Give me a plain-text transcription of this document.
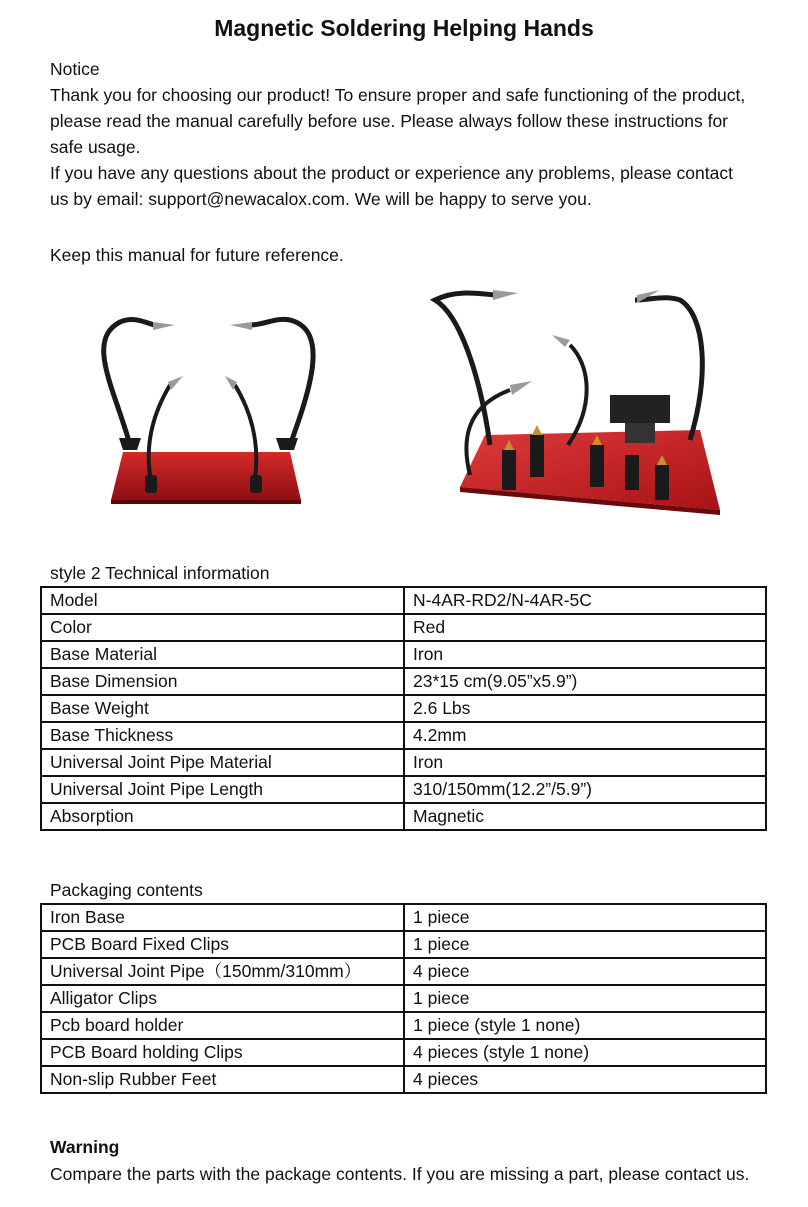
Magnetic Soldering Helping Hands
Notice
Thank you for choosing our product! To ensure proper and safe functioning of the product,
please read the manual carefully before use. Please always follow these instructions for
safe usage.
If you have any questions about the product or experience any problems, please contact
us by email: support@newacalox.com. We will be happy to serve you.
Keep this manual for future reference.
style 2 Technical information
Model	N-4AR-RD2/N-4AR-5C
Color	Red
Base Material	Iron
Base Dimension	23*15 cm(9.05”x5.9”)
Base Weight	2.6 Lbs
Base Thickness	4.2mm
Universal Joint Pipe Material	Iron
Universal Joint Pipe Length	310/150mm(12.2”/5.9”)
Absorption	Magnetic
Packaging contents
Iron Base	1 piece
PCB Board Fixed Clips	1 piece
Universal Joint Pipe（150mm/310mm）	4 piece
Alligator Clips	1 piece
Pcb board holder	1 piece (style 1 none)
PCB Board holding Clips	4 pieces (style 1 none)
Non-slip Rubber Feet	4 pieces
Warning
Compare the parts with the package contents. If you are missing a part, please contact us.
